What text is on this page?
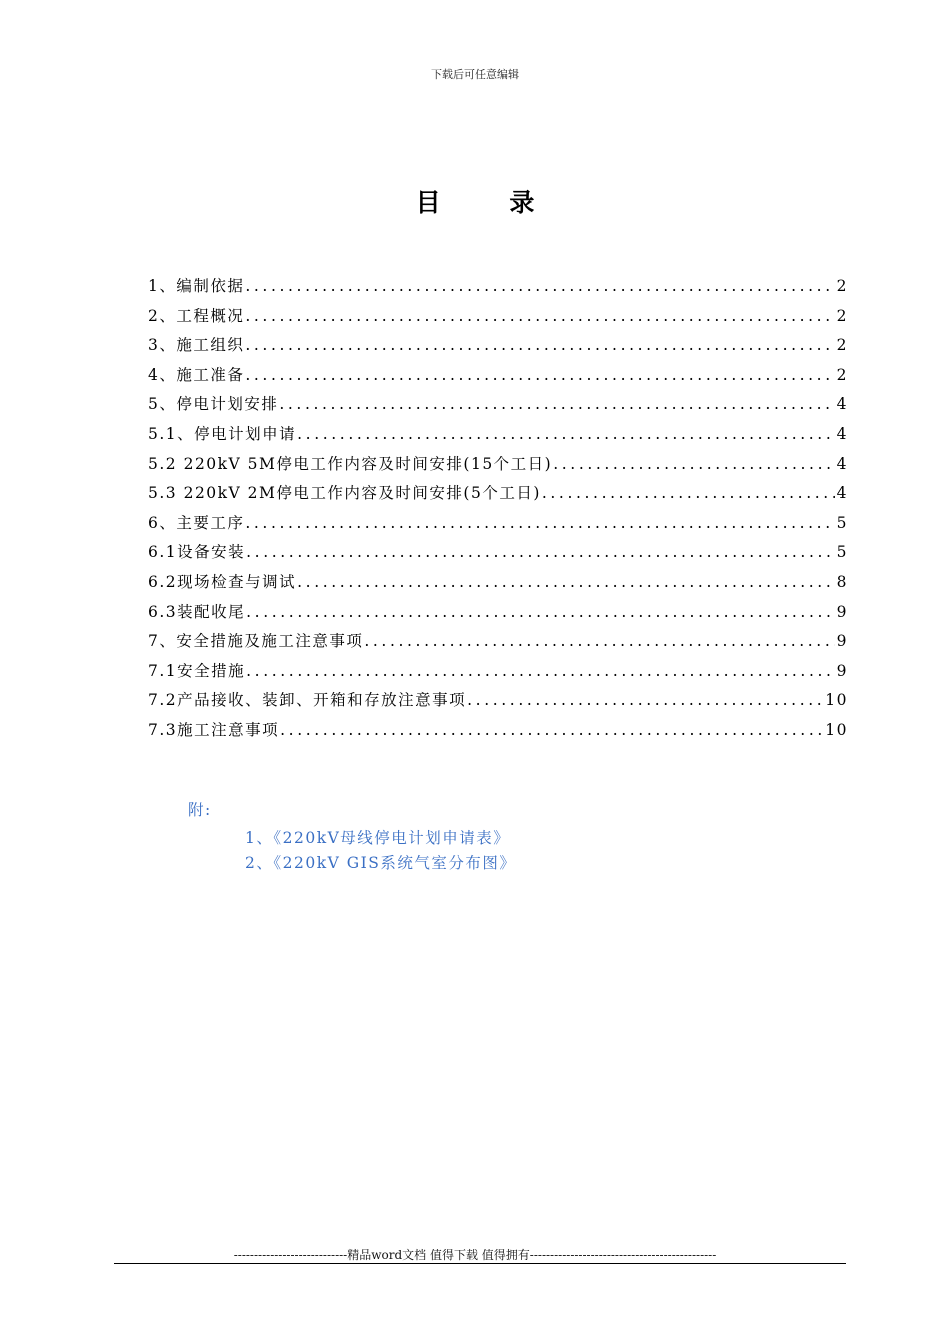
下载后可任意编辑
目 录
1、编制依据 .....	2
2、工程概况 .....	2
3、施工组织 .....	2
4、施工准备 .....	2
5、停电计划安排 .....	4
5.1、停电计划申请 .....	4
5.2 220kV 5M停电工作内容及时间安排(15个工日) .....	4
5.3 220kV 2M停电工作内容及时间安排(5个工日) .....	4
6、主要工序 .....	5
6.1设备安装 .....	5
6.2现场检查与调试 .....	8
6.3装配收尾 .....	9
7、安全措施及施工注意事项 .....	9
7.1安全措施 .....	9
7.2产品接收、装卸、开箱和存放注意事项 .....	10
7.3施工注意事项 .....	10
附:
1、《220kV母线停电计划申请表》
2、《220kV GIS系统气室分布图》
----------------------------精品word文档 值得下载 值得拥有----------------------------------------------
